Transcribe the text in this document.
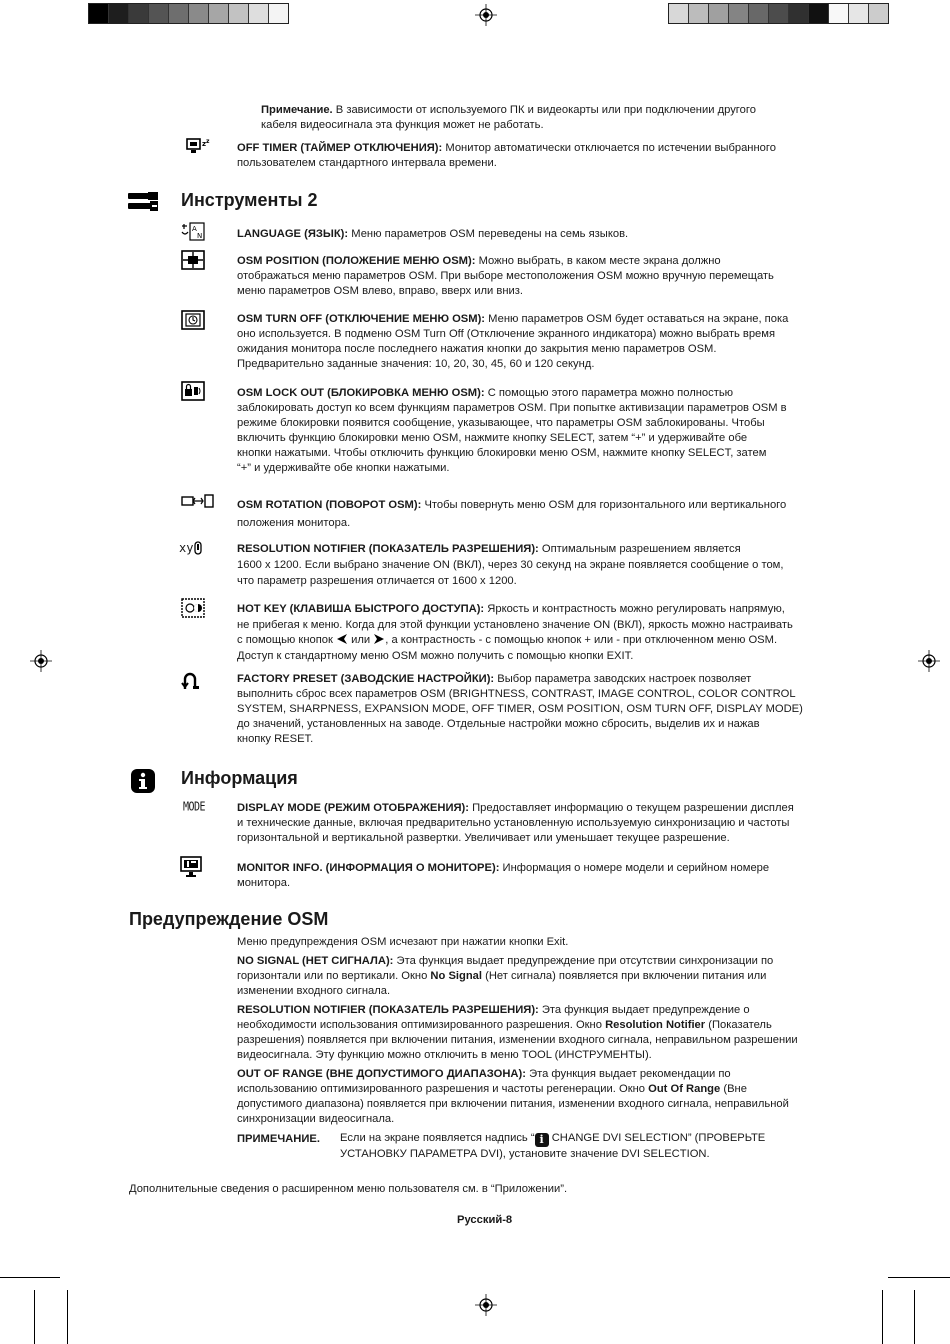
Примечание. В зависимости от используемого ПК и видеокарты или при подключении другого
кабеля видеосигнала эта функция может не работать.

z z

OFF TIMER (ТАЙМЕР ОТКЛЮЧЕНИЯ): Монитор автоматически отключается по истечении выбранного
пользователем стандартного интервала времени.

Инструменты 2
A
N	LANGUAGE (ЯЗЫК): Меню параметров OSM переведены на семь языков.

OSM POSITION (ПОЛОЖЕНИЕ МЕНЮ OSM): Можно выбрать, в каком месте экрана должно
отображаться меню параметров OSM. При выборе местоположения OSM можно вручную перемещать
меню параметров OSM влево, вправо, вверх или вниз.

OSM TURN OFF (ОТКЛЮЧЕНИЕ МЕНЮ OSM): Меню параметров OSM будет оставаться на экране, пока
оно используется. В подменю OSM Turn Off (Отключение экранного индикатора) можно выбрать время
ожидания монитора после последнего нажатия кнопки до закрытия меню параметров OSM.
Предварительно заданные значения: 10, 20, 30, 45, 60 и 120 секунд.

OSM LOCK OUT (БЛОКИРОВКА МЕНЮ OSM): С помощью этого параметра можно полностью
заблокировать доступ ко всем функциям параметров OSM. При попытке активизации параметров OSM в
режиме блокировки появится сообщение, указывающее, что параметры OSM заблокированы. Чтобы
включить функцию блокировки меню OSM, нажмите кнопку SELECT, затем “+” и удерживайте обе
кнопки нажатыми. Чтобы отключить функцию блокировки меню OSM, нажмите кнопку SELECT, затем
“+” и удерживайте обе кнопки нажатыми.

OSM ROTATION (ПОВОРОТ OSM): Чтобы повернуть меню OSM для горизонтального или вертикального
положения монитора.

xy	RESOLUTION NOTIFIER (ПОКАЗАТЕЛЬ РАЗРЕШЕНИЯ): Оптимальным разрешением является
1600 x 1200. Если выбрано значение ON (ВКЛ), через 30 секунд на экране появляется сообщение о том,
что параметр разрешения отличается от 1600 x 1200.

HOT KEY (КЛАВИША БЫСТРОГО ДОСТУПА): Яркость и контрастность можно регулировать напрямую,
не прибегая к меню. Когда для этой функции установлено значение ON (ВКЛ), яркость можно настраивать
с помощью кнопок или , а контрастность - с помощью кнопок + или - при отключенном меню OSM.
Доступ к стандартному меню OSM можно получить с помощью кнопки EXIT.

FACTORY PRESET (ЗАВОДСКИЕ НАСТРОЙКИ): Выбор параметра заводских настроек позволяет
выполнить сброс всех параметров OSM (BRIGHTNESS, CONTRAST, IMAGE CONTROL, COLOR CONTROL
SYSTEM, SHARPNESS, EXPANSION MODE, OFF TIMER, OSM POSITION, OSM TURN OFF, DISPLAY MODE)
до значений, установленных на заводе. Отдельные настройки можно сбросить, выделив их и нажав
кнопку RESET.

Информация
MODE	DISPLAY MODE (РЕЖИМ ОТОБРАЖЕНИЯ): Предоставляет информацию о текущем разрешении дисплея
и технические данные, включая предварительно установленную используемую синхронизацию и частоты
горизонтальной и вертикальной развертки. Увеличивает или уменьшает текущее разрешение.

MONITOR INFO. (ИНФОРМАЦИЯ О МОНИТОРЕ): Информация о номере модели и серийном номере
монитора.

Предупреждение OSM

Меню предупреждения OSM исчезают при нажатии кнопки Exit.

NO SIGNAL (НЕТ СИГНАЛА): Эта функция выдает предупреждение при отсутствии синхронизации по
горизонтали или по вертикали. Окно No Signal (Нет сигнала) появляется при включении питания или
изменении входного сигнала.

RESOLUTION NOTIFIER (ПОКАЗАТЕЛЬ РАЗРЕШЕНИЯ): Эта функция выдает предупреждение о
необходимости использования оптимизированного разрешения. Окно Resolution Notifier (Показатель
разрешения) появляется при включении питания, изменении входного сигнала, неправильном разрешении
видеосигнала. Эту функцию можно отключить в меню TOOL (ИНСТРУМЕНТЫ).

OUT OF RANGE (ВНЕ ДОПУСТИМОГО ДИАПАЗОНА): Эта функция выдает рекомендации по
использованию оптимизированного разрешения и частоты регенерации. Окно Out Of Range (Вне
допустимого диапазона) появляется при включении питания, изменении входного сигнала, неправильной
синхронизации видеосигнала.

ПРИМЕЧАНИЕ. Если на экране появляется надпись “ i CHANGE DVI SELECTION” (ПРОВЕРЬТЕ
УСТАНОВКУ ПАРАМЕТРА DVI), установите значение DVI SELECTION.

Дополнительные сведения о расширенном меню пользователя см. в “Приложении”.

Русский-8
